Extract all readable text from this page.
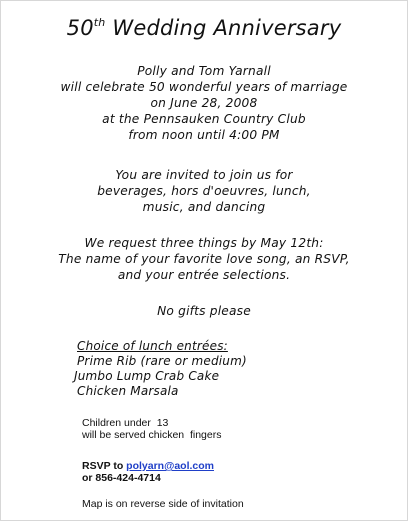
50th Wedding Anniversary
Polly and Tom Yarnall
will celebrate 50 wonderful years of marriage
on June 28, 2008
at the Pennsauken Country Club
from noon until 4:00 PM
You are invited to join us for
beverages, hors d'oeuvres, lunch,
music, and dancing
We request three things by May 12th:
The name of your favorite love song, an RSVP,
and your entrée selections.
No gifts please
Choice of lunch entrées:
Prime Rib (rare or medium)
Jumbo Lump Crab Cake
Chicken Marsala
Children under  13
will be served chicken  fingers
RSVP to polyarn@aol.com
or 856-424-4714
Map is on reverse side of invitation
